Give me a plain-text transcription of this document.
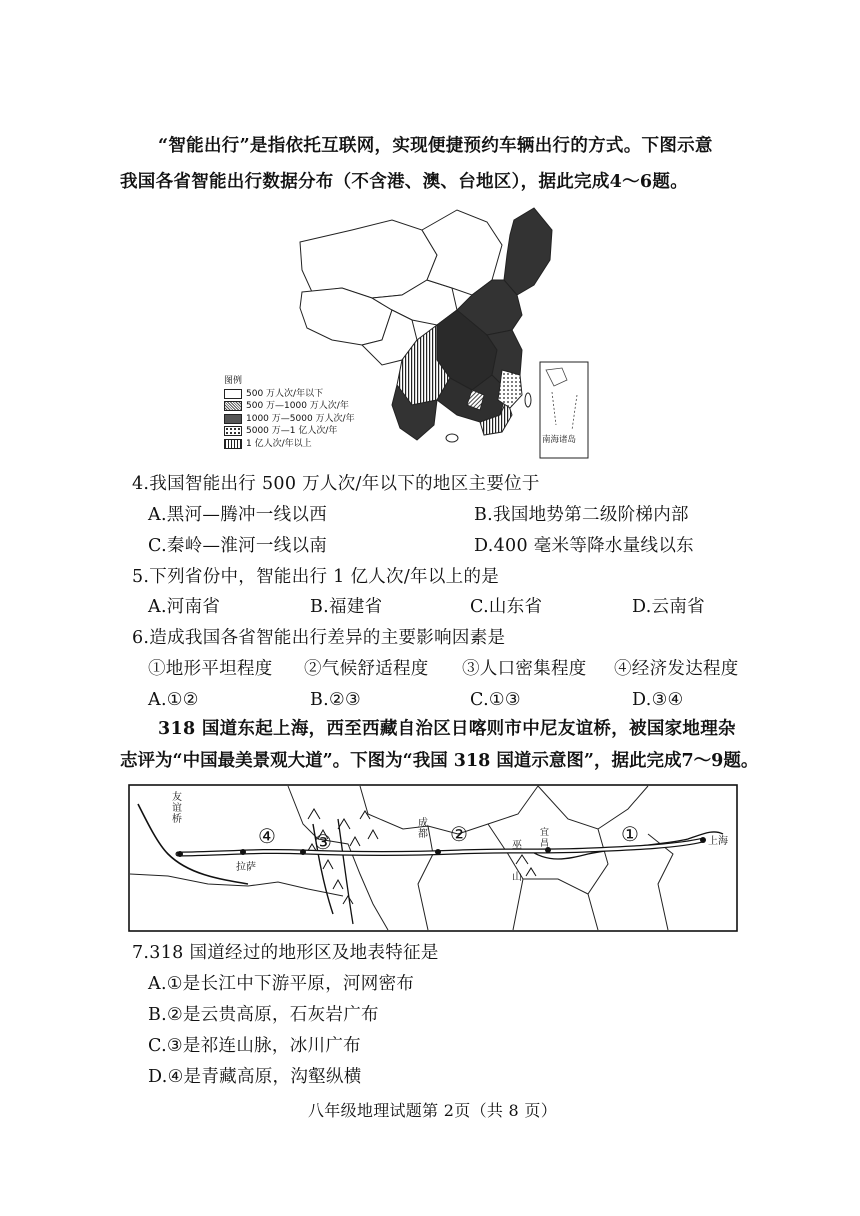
“智能出行”是指依托互联网，实现便捷预约车辆出行的方式。下图示意
我国各省智能出行数据分布（不含港、澳、台地区），据此完成4～6题。
南海诸岛
图例
500 万人次/年以下
500 万—1000 万人次/年
1000 万—5000 万人次/年
5000 万—1 亿人次/年
1 亿人次/年以上
4.我国智能出行 500 万人次/年以下的地区主要位于
A.黑河—腾冲一线以西	B.我国地势第二级阶梯内部
C.秦岭—淮河一线以南	D.400 毫米等降水量线以东
5.下列省份中，智能出行 1 亿人次/年以上的是
A.河南省	B.福建省	C.山东省	D.云南省
6.造成我国各省智能出行差异的主要影响因素是
①地形平坦程度 ②气候舒适程度 ③人口密集程度 ④经济发达程度
A.①②	B.②③	C.①③	D.③④
318 国道东起上海，西至西藏自治区日喀则市中尼友谊桥，被国家地理杂
志评为“中国最美景观大道”。下图为“我国 318 国道示意图”，据此完成7～9题。
友谊桥
拉萨
成都	宜昌
巫
山
上海
④ ③	②	①
7.318 国道经过的地形区及地表特征是
A.①是长江中下游平原，河网密布
B.②是云贵高原，石灰岩广布
C.③是祁连山脉，冰川广布
D.④是青藏高原，沟壑纵横
八年级地理试题第 2页（共 8 页）
